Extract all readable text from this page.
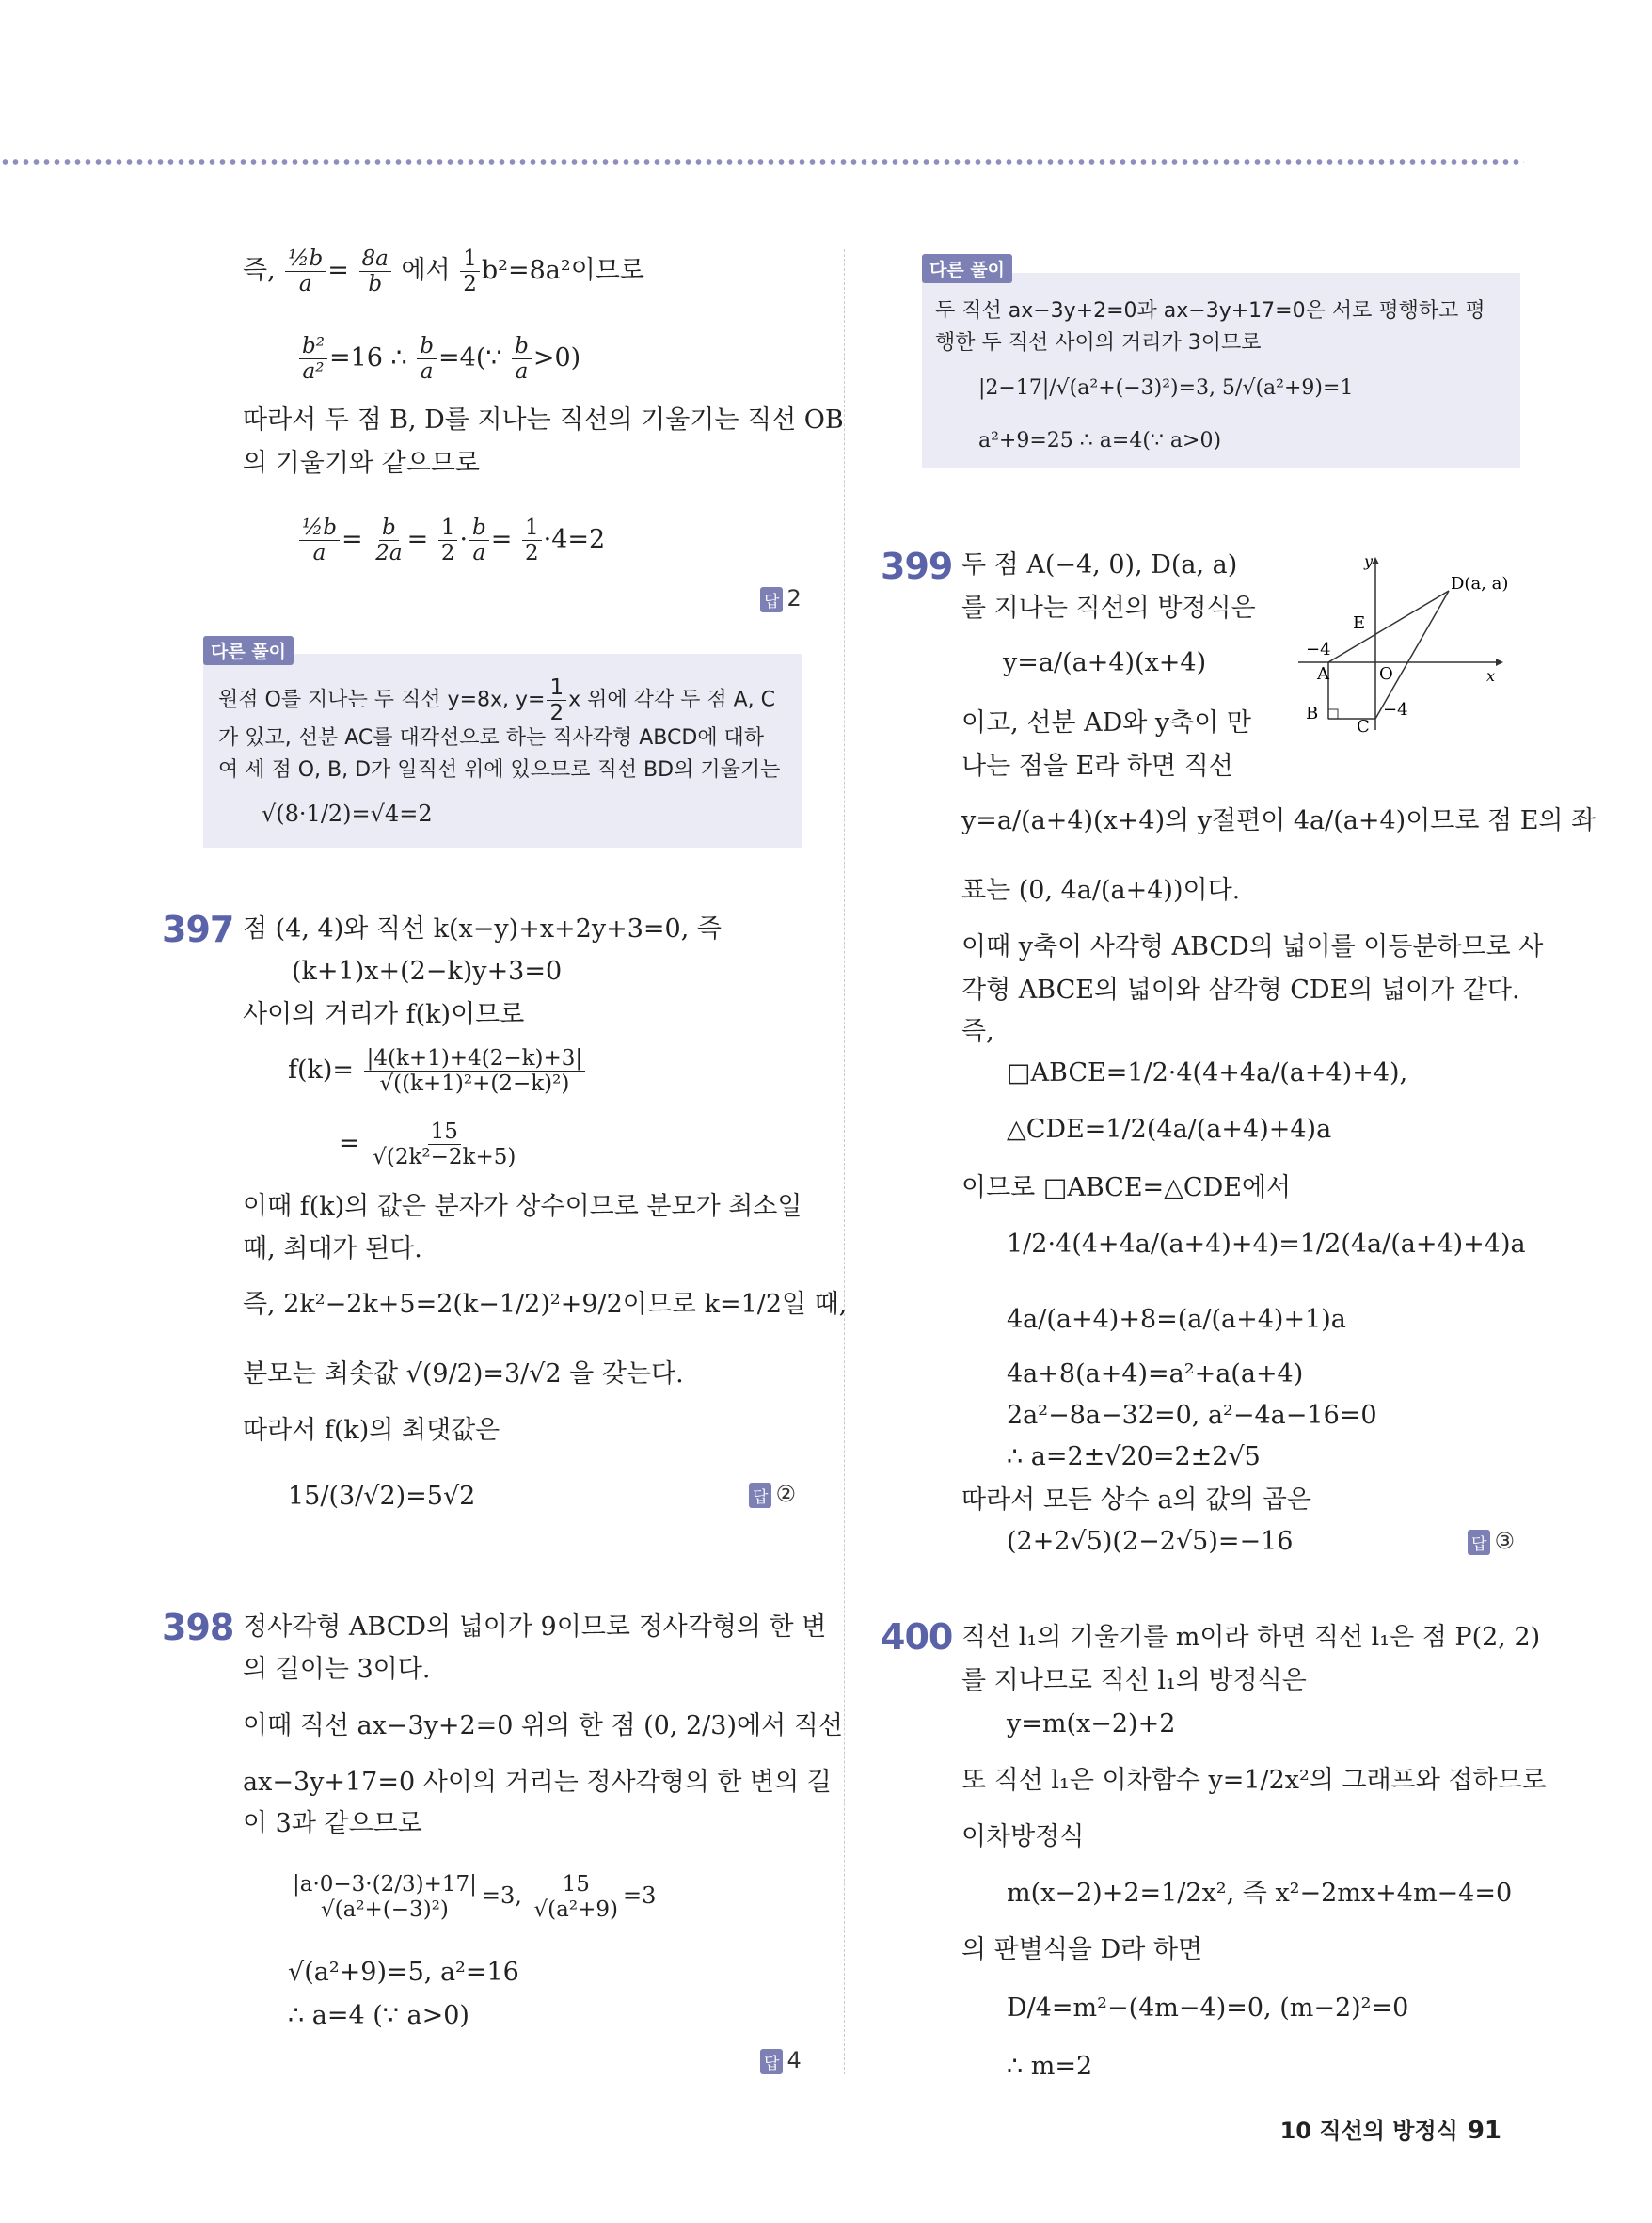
즉, $\frac{\text{½b}}{a} = \frac{8a}{b}$ 에서 $\frac{1}{2} b^2=8a^2$이므로
$\frac{\text{b²}}{\text{a²}} =16$ ∴ $\frac{b}{a}$ =4(∵ $\frac{b}{a} >0$)
따라서 두 점 B, D를 지나는 직선의 기울기는 직선 OB
의 기울기와 같으므로
$\frac{\text{½b}}{a} = \frac{b}{2a} = \frac{1}{2} \cdot \frac{b}{a} = \frac{1}{2} \cdot 4=2$
답 2
다른 풀이
원점 O를 지나는 두 직선 y=8x, $y= \frac{1}{2}$ x 위에 각각 두 점 A, C
가 있고, 선분 AC를 대각선으로 하는 직사각형 ABCD에 대하
여 세 점 O, B, D가 일직선 위에 있으므로 직선 BD의 기울기는
√(8·1/2)=√4=2
397 점 (4, 4)와 직선 k(x−y)+x+2y+3=0, 즉
(k+1)x+(2−k)y+3=0
사이의 거리가 f(k)이므로
$f(k)= \frac{|4(k+1)+4(2-k)+3|}{\text{√((k+1)²+(2−k)²)}}$
= $\frac{15}{\text{√(2k²−2k+5)}}$
이때 f(k)의 값은 분자가 상수이므로 분모가 최소일
때, 최대가 된다.
즉, 2k²−2k+5=2(k−1/2)²+9/2이므로 k=1/2일 때,
분모는 최솟값 √(9/2)=3/√2 을 갖는다.
따라서 f(k)의 최댓값은
15/(3/√2)=5√2	답 ②
398 정사각형 ABCD의 넓이가 9이므로 정사각형의 한 변
의 길이는 3이다.
이때 직선 ax−3y+2=0 위의 한 점 (0, 2/3)에서 직선
ax−3y+17=0 사이의 거리는 정사각형의 한 변의 길
이 3과 같으므로
$\frac{|a\cdot 0-3\cdot(2/3)+17|}{\text{√(a²+(−3)²)}} =3$, $\frac{15}{\text{√(a²+9)}} =3$
√(a²+9)=5, a²=16
∴ a=4 (∵ a>0)
답 4
다른 풀이
두 직선 ax−3y+2=0과 ax−3y+17=0은 서로 평행하고 평
행한 두 직선 사이의 거리가 3이므로
|2−17|/√(a²+(−3)²)=3, 5/√(a²+9)=1
a²+9=25 ∴ a=4(∵ a>0)
399 두 점 A(−4, 0), D(a, a)
를 지나는 직선의 방정식은
y=a/(a+4)(x+4)
이고, 선분 AD와 y축이 만
나는 점을 E라 하면 직선
y
x
D(a, a)
E
−4
A	O
B
C
−4
y=a/(a+4)(x+4)의 y절편이 4a/(a+4)이므로 점 E의 좌
표는 (0, 4a/(a+4))이다.
이때 y축이 사각형 ABCD의 넓이를 이등분하므로 사
각형 ABCE의 넓이와 삼각형 CDE의 넓이가 같다.
즉,
□ABCE=1/2·4(4+4a/(a+4)+4),
△CDE=1/2(4a/(a+4)+4)a
이므로 □ABCE=△CDE에서
1/2·4(4+4a/(a+4)+4)=1/2(4a/(a+4)+4)a
4a/(a+4)+8=(a/(a+4)+1)a
4a+8(a+4)=a²+a(a+4)
2a²−8a−32=0, a²−4a−16=0
∴ a=2±√20=2±2√5
따라서 모든 상수 a의 값의 곱은
(2+2√5)(2−2√5)=−16	답 ③
400 직선 l₁의 기울기를 m이라 하면 직선 l₁은 점 P(2, 2)
를 지나므로 직선 l₁의 방정식은
y=m(x−2)+2
또 직선 l₁은 이차함수 y=1/2x²의 그래프와 접하므로
이차방정식
m(x−2)+2=1/2x², 즉 x²−2mx+4m−4=0
의 판별식을 D라 하면
D/4=m²−(4m−4)=0, (m−2)²=0
∴ m=2
10 직선의 방정식 91
